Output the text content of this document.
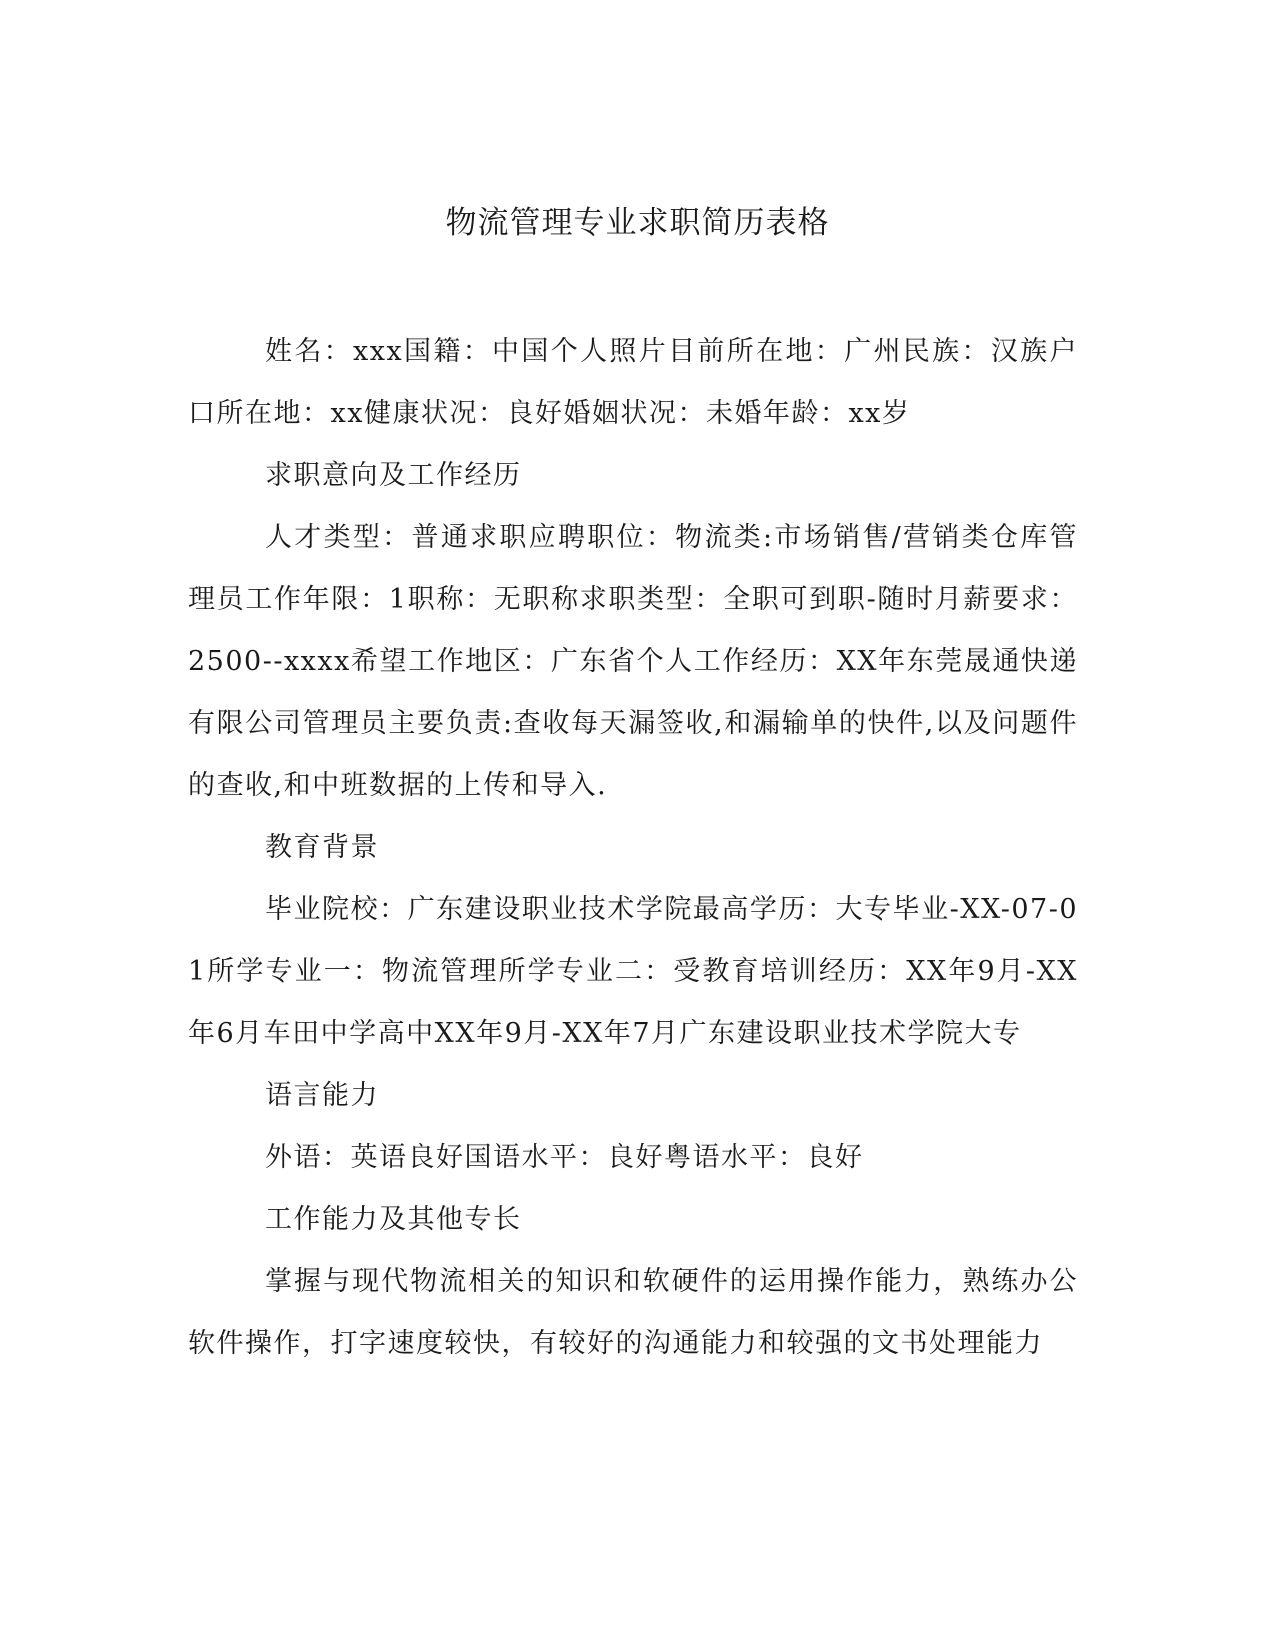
物流管理专业求职简历表格

姓名：xxx国籍：中国个人照片目前所在地：广州民族：汉族户口所在地：xx健康状况：良好婚姻状况：未婚年龄：xx岁

求职意向及工作经历

人才类型：普通求职应聘职位：物流类:市场销售/营销类仓库管理员工作年限：1职称：无职称求职类型：全职可到职-随时月薪要求：2500--xxxx希望工作地区：广东省个人工作经历：XX年东莞晟通快递有限公司管理员主要负责:查收每天漏签收,和漏输单的快件,以及问题件的查收,和中班数据的上传和导入.

教育背景

毕业院校：广东建设职业技术学院最高学历：大专毕业-XX-07-01所学专业一：物流管理所学专业二：受教育培训经历：XX年9月-XX年6月车田中学高中XX年9月-XX年7月广东建设职业技术学院大专

语言能力

外语：英语良好国语水平：良好粤语水平：良好

工作能力及其他专长

掌握与现代物流相关的知识和软硬件的运用操作能力，熟练办公软件操作，打字速度较快，有较好的沟通能力和较强的文书处理能力
